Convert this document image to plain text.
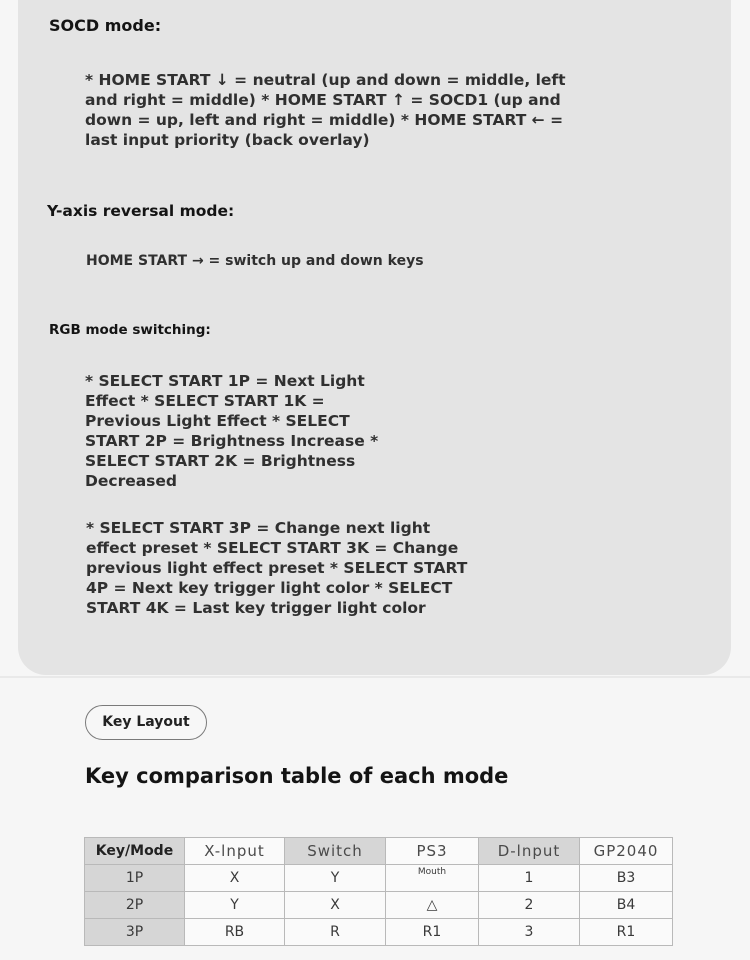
SOCD mode:

* HOME START ↓ = neutral (up and down = middle, left

and right = middle) * HOME START ↑ = SOCD1 (up and

down = up, left and right = middle) * HOME START ← =

last input priority (back overlay)

Y-axis reversal mode:

HOME START → = switch up and down keys

RGB mode switching:

* SELECT START 1P = Next Light

Effect * SELECT START 1K =

Previous Light Effect * SELECT

START 2P = Brightness Increase *

SELECT START 2K = Brightness

Decreased

* SELECT START 3P = Change next light

effect preset * SELECT START 3K = Change

previous light effect preset * SELECT START

4P = Next key trigger light color * SELECT

START 4K = Last key trigger light color

Key Layout
Key comparison table of each mode
Key/Mode	X-lnput	Switch	PS3	D-lnput	GP2040
1P	X	Y	Mouth	1	B3
2P	Y	X	△	2	B4
3P	RB	R	R1	3	R1
